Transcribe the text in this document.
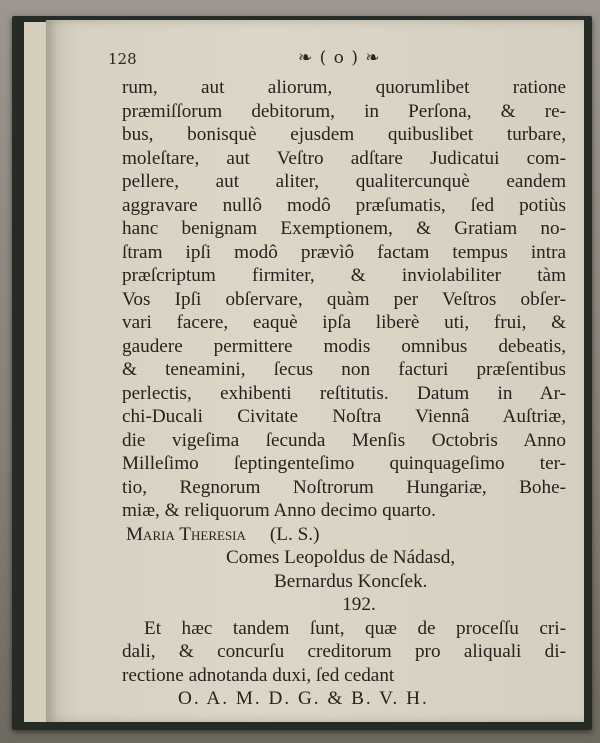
128	❧ ( o ) ❧
rum, aut aliorum, quorumlibet ratione
præmiſſorum debitorum, in Perſona, & re-
bus, bonisquè ejusdem quibuslibet turbare,
moleſtare, aut Veſtro adſtare Judicatui com-
pellere, aut aliter, qualitercunquè eandem
aggravare nullô modô præſumatis, ſed potiùs
hanc benignam Exemptionem, & Gratiam no-
ſtram ipſi modô prævìô factam tempus intra
præſcriptum firmiter, & inviolabiliter tàm
Vos Ipſi obſervare, quàm per Veſtros obſer-
vari facere, eaquè ipſa liberè uti, frui, &
gaudere permittere modis omnibus debeatis,
& teneamini, ſecus non facturi præſentibus
perlectis, exhibenti reſtitutis. Datum in Ar-
chi-Ducali Civitate Noſtra Viennâ Auſtriæ,
die vigeſima ſecunda Menſis Octobris Anno
Milleſimo ſeptingenteſimo quinquageſimo ter-
tio, Regnorum Noſtrorum Hungariæ, Bohe-
miæ, & reliquorum Anno decimo quarto.
Maria Theresia (L. S.)
Comes Leopoldus de Nádasd,
Bernardus Koncſek.
192.
Et hæc tandem ſunt, quæ de proceſſu cri-
dali, & concurſu creditorum pro aliquali di-
rectione adnotanda duxi, ſed cedant
O. A. M. D. G. & B. V. H.
